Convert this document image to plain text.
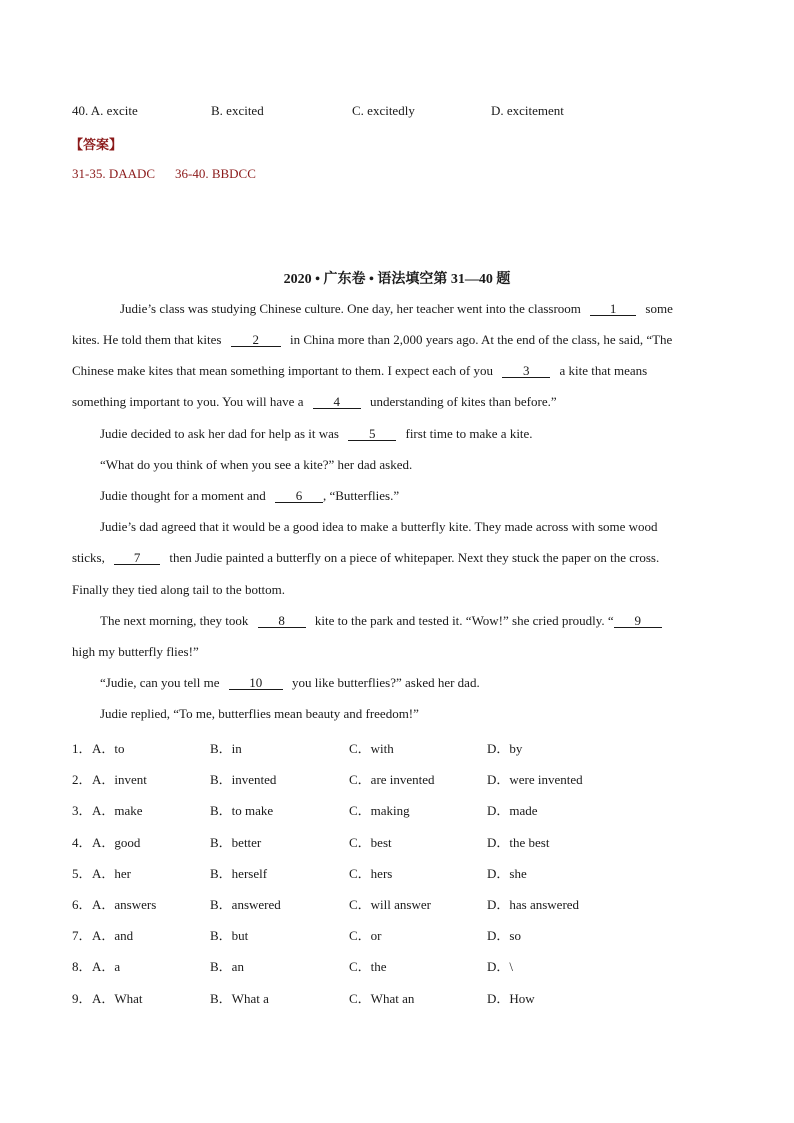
40. A. excite	B. excited	C. excitedly	D. excitement
【答案】
31-35. DAADC 36-40. BBDCC
2020 • 广东卷 • 语法填空第 31—40 题
Judie’s class was studying Chinese culture. One day, her teacher went into the classroom 1 some
kites. He told them that kites 2 in China more than 2,000 years ago. At the end of the class, he said, “The
Chinese make kites that mean something important to them. I expect each of you 3 a kite that means
something important to you. You will have a 4 understanding of kites than before.”
Judie decided to ask her dad for help as it was 5 first time to make a kite.
“What do you think of when you see a kite?” her dad asked.
Judie thought for a moment and 6 , “Butterflies.”
Judie’s dad agreed that it would be a good idea to make a butterfly kite. They made across with some wood
sticks, 7 then Judie painted a butterfly on a piece of whitepaper. Next they stuck the paper on the cross.
Finally they tied along tail to the bottom.
The next morning, they took 8 kite to the park and tested it. “Wow!” she cried proudly. “ 9
high my butterfly flies!”
“Judie, can you tell me 10 you like butterflies?” asked her dad.
Judie replied, “To me, butterflies mean beauty and freedom!”
1． A．to	B．in	C．with	D．by
2． A．invent	B．invented	C．are invented	D．were invented
3． A．make	B．to make	C．making	D．made
4． A．good	B．better	C．best	D．the best
5． A．her	B．herself	C．hers	D．she
6． A．answers	B．answered	C．will answer	D．has answered
7． A．and	B．but	C．or	D．so
8． A．a	B．an	C．the	D．\
9． A．What	B．What a	C．What an	D．How
